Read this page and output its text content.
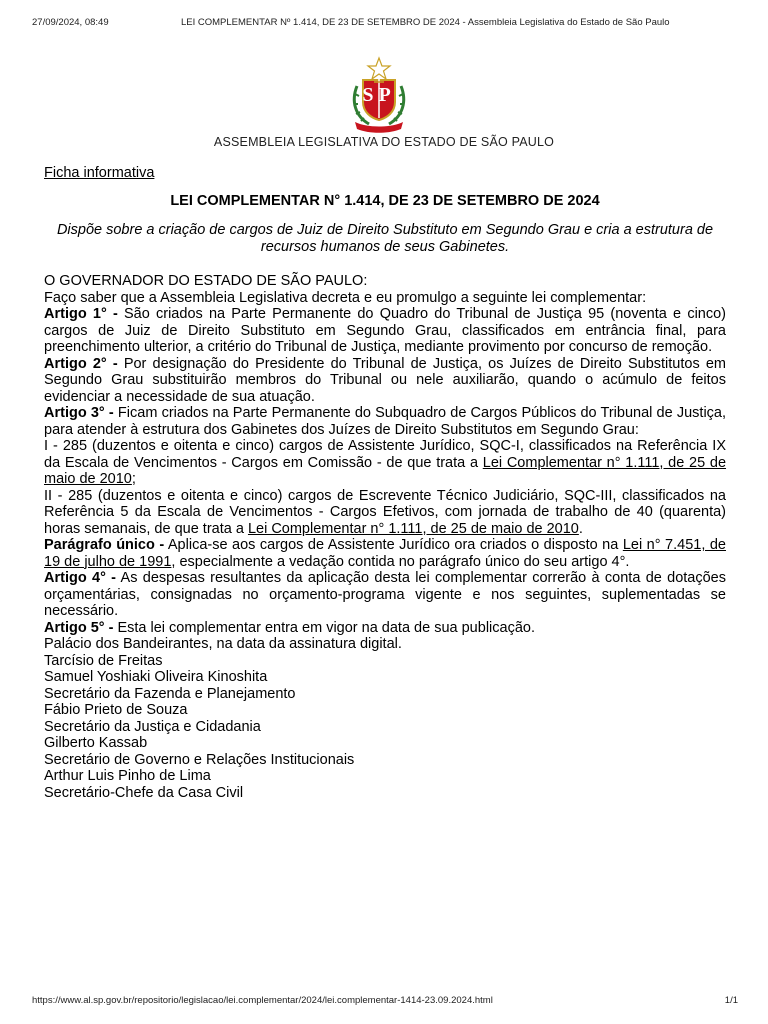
27/09/2024, 08:49	LEI COMPLEMENTAR Nº 1.414, DE 23 DE SETEMBRO DE 2024 - Assembleia Legislativa do Estado de São Paulo
SP
ASSEMBLEIA LEGISLATIVA DO ESTADO DE SÃO PAULO

Ficha informativa

LEI COMPLEMENTAR N° 1.414, DE 23 DE SETEMBRO DE 2024

Dispõe sobre a criação de cargos de Juiz de Direito Substituto em Segundo Grau e cria a estrutura de recursos humanos de seus Gabinetes.

O GOVERNADOR DO ESTADO DE SÃO PAULO:

Faço saber que a Assembleia Legislativa decreta e eu promulgo a seguinte lei complementar:

Artigo 1° - São criados na Parte Permanente do Quadro do Tribunal de Justiça 95 (noventa e cinco) cargos de Juiz de Direito Substituto em Segundo Grau, classificados em entrância final, para preenchimento ulterior, a critério do Tribunal de Justiça, mediante provimento por concurso de remoção.

Artigo 2° - Por designação do Presidente do Tribunal de Justiça, os Juízes de Direito Substitutos em Segundo Grau substituirão membros do Tribunal ou nele auxiliarão, quando o acúmulo de feitos evidenciar a necessidade de sua atuação.

Artigo 3° - Ficam criados na Parte Permanente do Subquadro de Cargos Públicos do Tribunal de Justiça, para atender à estrutura dos Gabinetes dos Juízes de Direito Substitutos em Segundo Grau:

I - 285 (duzentos e oitenta e cinco) cargos de Assistente Jurídico, SQC-I, classificados na Referência IX da Escala de Vencimentos - Cargos em Comissão - de que trata a Lei Complementar n° 1.111, de 25 de maio de 2010;

II - 285 (duzentos e oitenta e cinco) cargos de Escrevente Técnico Judiciário, SQC-III, classificados na Referência 5 da Escala de Vencimentos - Cargos Efetivos, com jornada de trabalho de 40 (quarenta) horas semanais, de que trata a Lei Complementar n° 1.111, de 25 de maio de 2010.

Parágrafo único - Aplica-se aos cargos de Assistente Jurídico ora criados o disposto na Lei n° 7.451, de 19 de julho de 1991, especialmente a vedação contida no parágrafo único do seu artigo 4°.

Artigo 4° - As despesas resultantes da aplicação desta lei complementar correrão à conta de dotações orçamentárias, consignadas no orçamento-programa vigente e nos seguintes, suplementadas se necessário.

Artigo 5° - Esta lei complementar entra em vigor na data de sua publicação.

Palácio dos Bandeirantes, na data da assinatura digital.

Tarcísio de Freitas

Samuel Yoshiaki Oliveira Kinoshita

Secretário da Fazenda e Planejamento

Fábio Prieto de Souza

Secretário da Justiça e Cidadania

Gilberto Kassab

Secretário de Governo e Relações Institucionais

Arthur Luis Pinho de Lima

Secretário-Chefe da Casa Civil

https://www.al.sp.gov.br/repositorio/legislacao/lei.complementar/2024/lei.complementar-1414-23.09.2024.html	1/1
